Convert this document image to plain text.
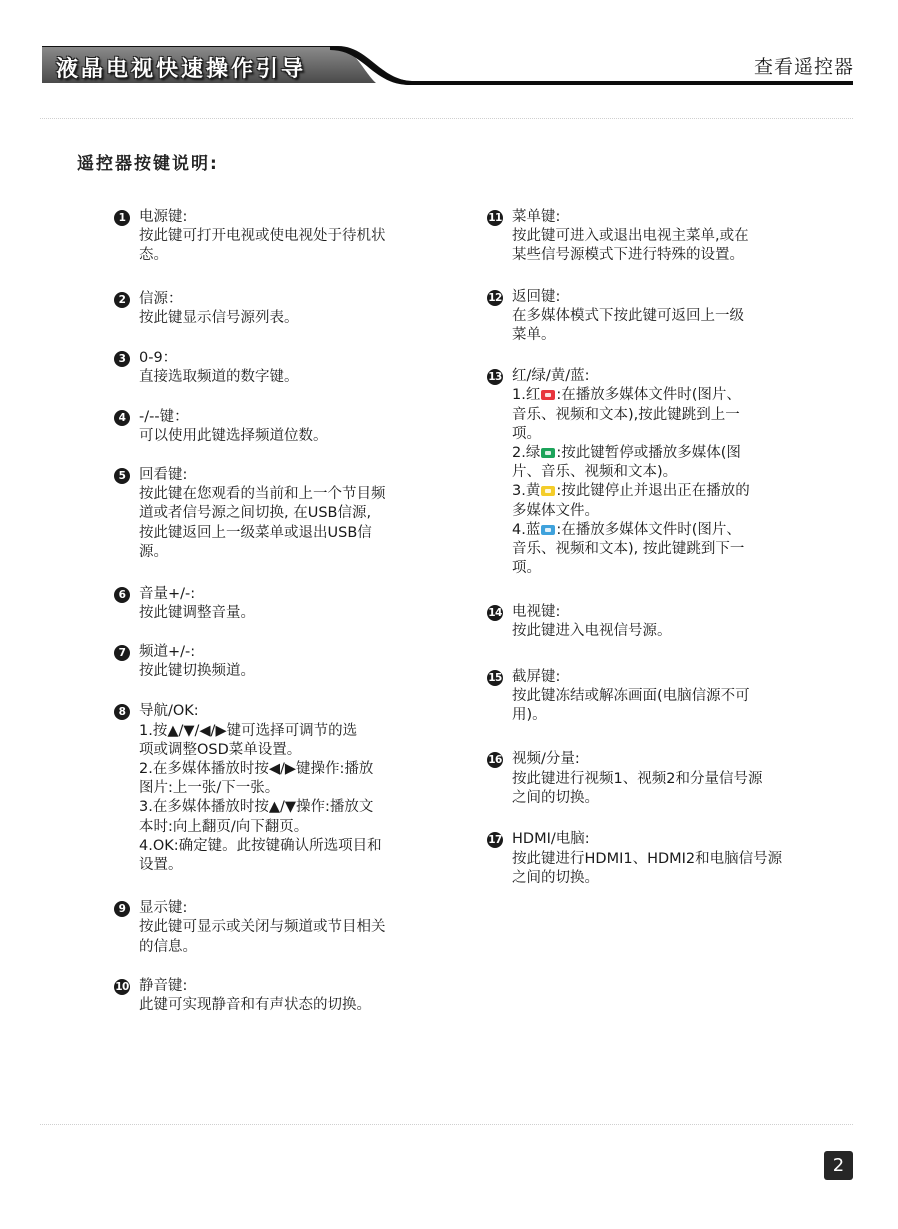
液晶电视快速操作引导	查看遥控器
遥控器按键说明:
1 电源键:
按此键可打开电视或使电视处于待机状
态。
2 信源：
按此键显示信号源列表。
3 0-9：
直接选取频道的数字键。
4 -/--键：
可以使用此键选择频道位数。
5 回看键:
按此键在您观看的当前和上一个节目频
道或者信号源之间切换, 在USB信源,
按此键返回上一级菜单或退出USB信
源。
6 音量+/-:
按此键调整音量。
7 频道+/-:
按此键切换频道。
8 导航/OK:
1.按▲/▼/◀/▶键可选择可调节的选
项或调整OSD菜单设置。
2.在多媒体播放时按◀/▶键操作:播放
图片:上一张/下一张。
3.在多媒体播放时按▲/▼操作:播放文
本时:向上翻页/向下翻页。
4.OK:确定键。此按键确认所选项目和
设置。
9 显示键:
按此键可显示或关闭与频道或节目相关
的信息。
10 静音键:
此键可实现静音和有声状态的切换。
11 菜单键:
按此键可进入或退出电视主菜单,或在
某些信号源模式下进行特殊的设置。
12 返回键:
在多媒体模式下按此键可返回上一级
菜单。
13 红/绿/黄/蓝:
1.红 :在播放多媒体文件时(图片、
音乐、视频和文本),按此键跳到上一
项。
2.绿 :按此键暂停或播放多媒体(图
片、音乐、视频和文本)。
3.黄 :按此键停止并退出正在播放的
多媒体文件。
4.蓝 :在播放多媒体文件时(图片、
音乐、视频和文本), 按此键跳到下一
项。
14 电视键:
按此键进入电视信号源。
15 截屏键:
按此键冻结或解冻画面(电脑信源不可
用)。
16 视频/分量:
按此键进行视频1、视频2和分量信号源
之间的切换。
17 HDMI/电脑:
按此键进行HDMI1、HDMI2和电脑信号源
之间的切换。
2
